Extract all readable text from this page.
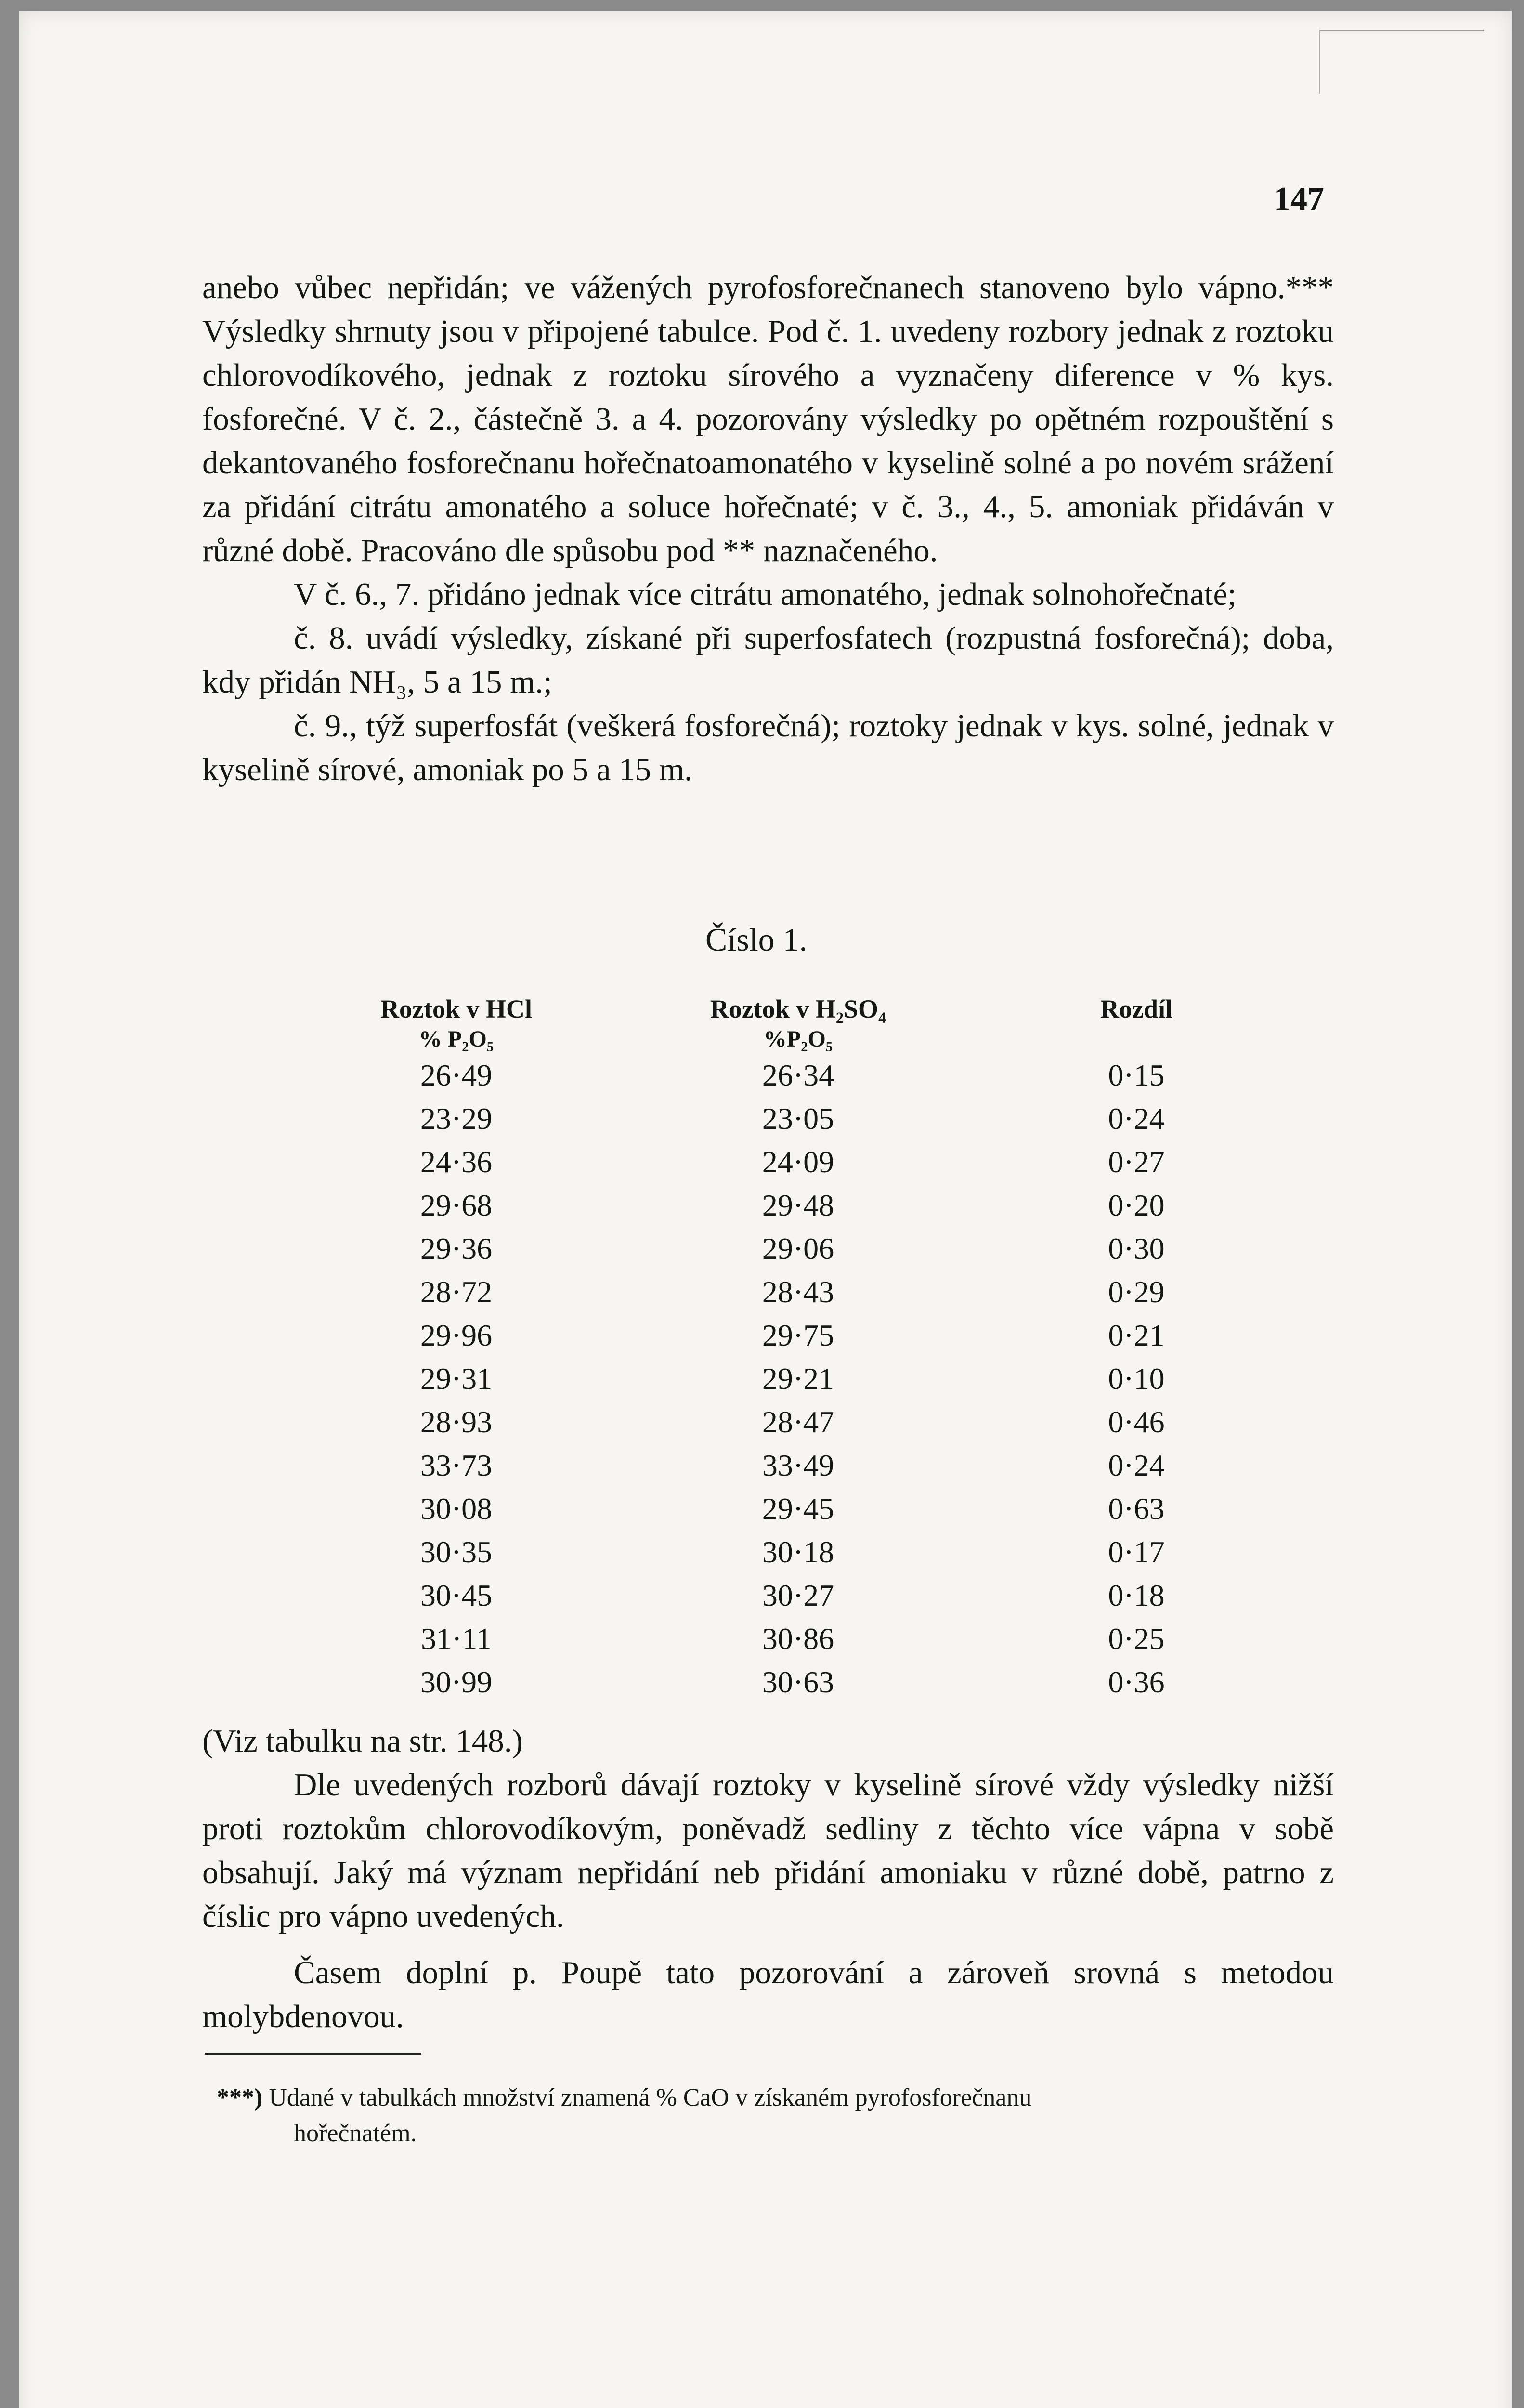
147

anebo vůbec nepřidán; ve vážených pyrofosforečnanech stanoveno bylo vápno.*** Výsledky shrnuty jsou v připojené tabulce. Pod č. 1. uvedeny rozbory jednak z roztoku chlorovodíkového, jednak z roztoku sírového a vyznačeny diference v % kys. fosforečné. V č. 2., částečně 3. a 4. pozorovány výsledky po opětném rozpouštění s dekantovaného fosforečnanu hořečnatoamonatého v kyselině solné a po novém srážení za přidání citrátu amonatého a soluce hořečnaté; v č. 3., 4., 5. amoniak přidáván v různé době. Pracováno dle spůsobu pod ** naznačeného.

V č. 6., 7. přidáno jednak více citrátu amonatého, jednak solnohořečnaté;

č. 8. uvádí výsledky, získané při superfosfatech (rozpustná fosforečná); doba, kdy přidán NH₃, 5 a 15 m.;

č. 9., týž superfosfát (veškerá fosforečná); roztoky jednak v kys. solné, jednak v kyselině sírové, amoniak po 5 a 15 m.

Číslo 1.
Roztok v HCl
% P₂O₅
26·49
23·29
24·36
29·68
29·36
28·72
29·96
29·31
28·93
33·73
30·08
30·35
30·45
31·11
30·99
Roztok v H₂SO₄
%P₂O₅
26·34
23·05
24·09
29·48
29·06
28·43
29·75
29·21
28·47
33·49
29·45
30·18
30·27
30·86
30·63
Rozdíl

0·15
0·24
0·27
0·20
0·30
0·29
0·21
0·10
0·46
0·24
0·63
0·17
0·18
0·25
0·36

(Viz tabulku na str. 148.)

Dle uvedených rozborů dávají roztoky v kyselině sírové vždy výsledky nižší proti roztokům chlorovodíkovým, poněvadž sedliny z těchto více vápna v sobě obsahují. Jaký má význam nepřidání neb přidání amoniaku v různé době, patrno z číslic pro vápno uvedených.

Časem doplní p. Poupě tato pozorování a zároveň srovná s metodou molybdenovou.

***) Udané v tabulkách množství znamená % CaO v získaném pyrofosforečnanu
hořečnatém.
